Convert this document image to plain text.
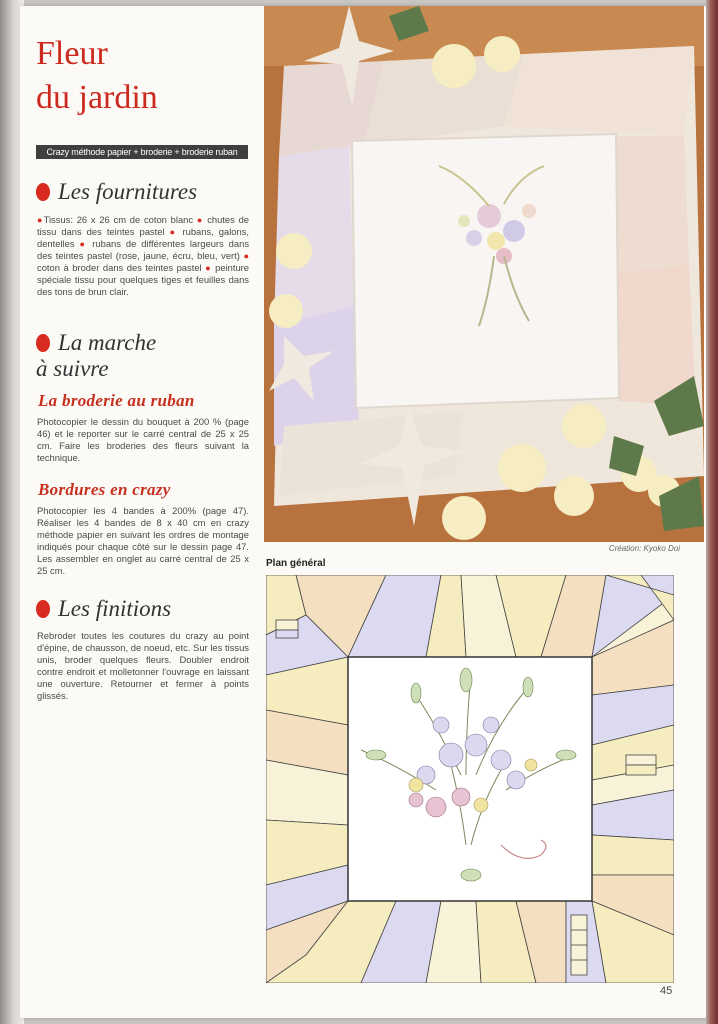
Fleur
du jardin
Crazy méthode papier + broderie + broderie ruban
Les fournitures

●Tissus: 26 x 26 cm de coton blanc ● chutes de tissu dans des teintes pastel ● rubans, galons, dentelles ● rubans de différentes largeurs dans des teintes pastel (rose, jaune, écru, bleu, vert) ● coton à broder dans des teintes pastel ● peinture spéciale tissu pour quelques tiges et feuilles dans des tons de brun clair.

La marche
à suivre
La broderie au ruban

Photocopier le dessin du bouquet à 200 % (page 46) et le reporter sur le carré central de 25 x 25 cm. Faire les broderies des fleurs suivant la technique.

Bordures en crazy

Photocopier les 4 bandes à 200% (page 47). Réaliser les 4 bandes de 8 x 40 cm en crazy méthode papier en suivant les ordres de montage indiqués pour chaque côté sur le dessin page 47. Les assembler en onglet au carré central de 25 x 25 cm.

Les finitions

Rebroder toutes les coutures du crazy au point d'épine, de chausson, de noeud, etc. Sur les tissus unis, broder quelques fleurs. Doubler endroit contre endroit et molletonner l'ouvrage en laissant une ouverture. Retourner et fermer à points glissés.

Création: Kyoko Doi
Plan général
45
